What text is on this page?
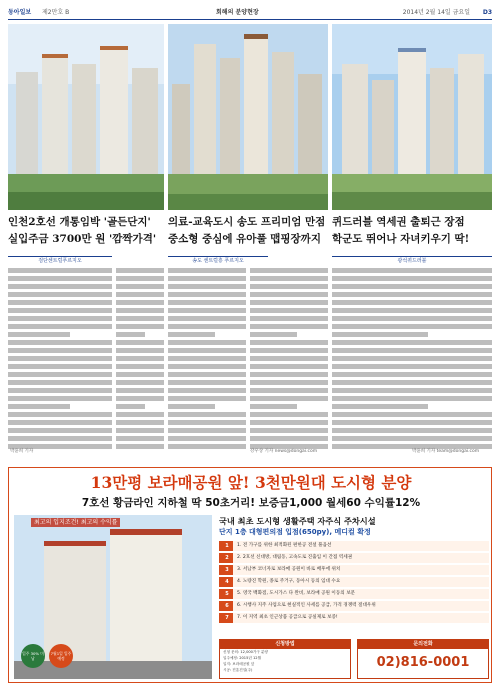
동아일보 제2만호 B	회해의 분양현장	2014년 2월 14일 금요일 D3
인천2호선 개통임박 '골든단지'
실입주금 3700만 원 '깜짝가격'
의료-교육도시 송도 프리미엄 만점
중소형 중심에 유아풀 맵핑장까지
퀴드러블 역세권 출퇴근 장점
학군도 뛰어나 자녀키우기 딱!
검단센트럴푸르지오	송도 센트럴흥 푸르지오	광석퀴드러블
박윤희 기자	강우상 기자 news@dongai.com	박윤희 기자 team@dongai.com
13만평 보라매공원 앞! 3천만원대 도시형 분양
7호선 황금라인 지하철 딱 50초거리! 보증금1,000 월세60 수익률12%
최고의 입지조건! 최고의 수익률
입주 30% 미납
7월1일 입주예정
국내 최초 도시형 생활주택 자주식 주차시설
단지 1층 대형편의점 입점(650py), 메디컬 확정
1	1. 전 가구를 위한 최적화된 편한공 전설 풀옵션
2	2. 2호선 신대방, 대림동, 고속도로 진출입 이 간접 역세권
3	3. 서남부 코너자로 보라매 공원이 바로 배후에 위치
4	4. 노량진 학원, 종로 주거구, 동아시 등의 임대 수요
5	5. 영국 백화점, 도시가스 다 완비, 보라매 공원 이동의 보문
6	6. 시행사 지주 사업으로 현실적인 사세를 공급, 가격 경쟁력 절대우위
7	7. 이 지역 최초 인근상품 공급으로 공실제로 보증!
신청방법
신청 문의: 12,000가구 분양
입주예정: 2015년 12월
입지: 보라매공원 앞
시공: 진흥건설(주)
문의전화
02)816-0001
